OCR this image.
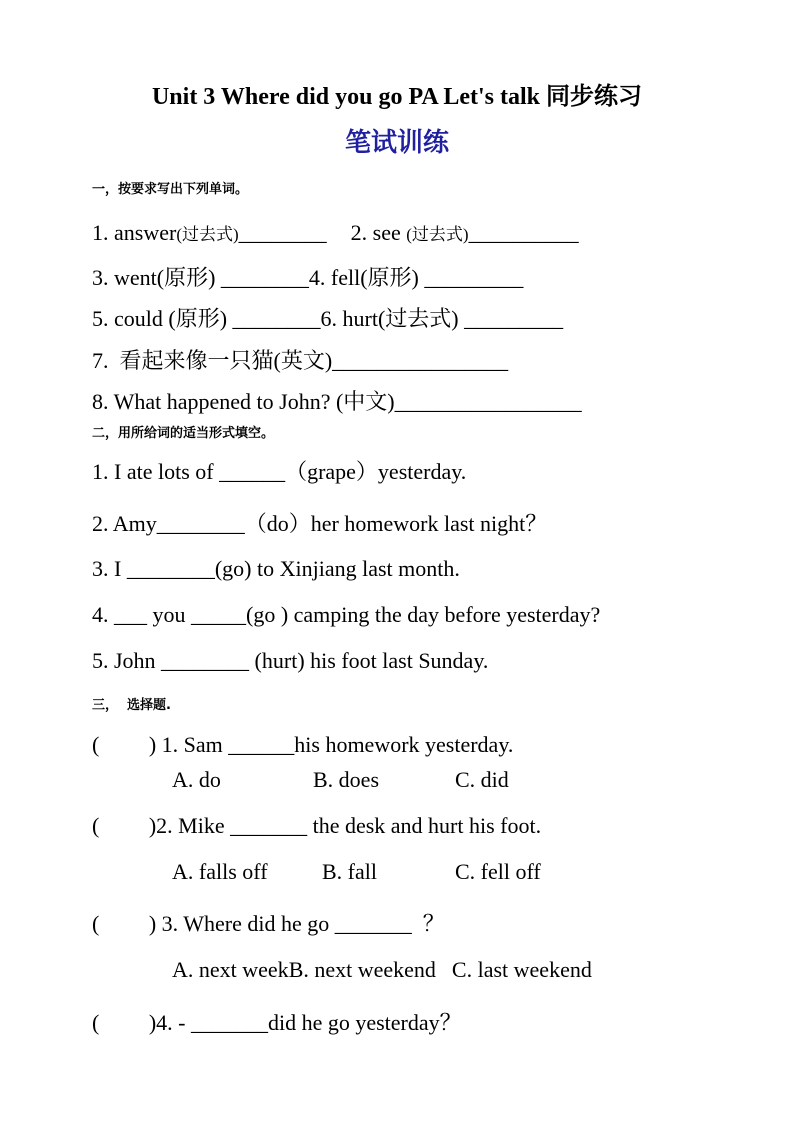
Unit 3 Where did you go PA Let's talk 同步练习
笔试训练
一，按要求写出下列单词。
1. answer(过去式)________ 2. see (过去式)__________
3. went(原形) ________4. fell(原形) _________
5. could (原形) ________6. hurt(过去式) _________
7.  看起来像一只猫(英文)________________
8. What happened to John? (中文)_________________
二，用所给词的适当形式填空。
1. I ate lots of ______（grape）yesterday.
2. Amy________（do）her homework last night？
3. I ________(go) to Xinjiang last month.
4. ___ you _____(go ) camping the day before yesterday?
5. John ________ (hurt) his foot last Sunday.
三，  选择题.
(         ) 1. Sam ______his homework yesterday.
A. do	B. does	C. did
(         )2. Mike _______ the desk and hurt his foot.
A. falls off B. fall	C. fell off
(         ) 3. Where did he go _______  ？
A. next weekB. next weekend C. last weekend
(         )4. - _______did he go yesterday？
